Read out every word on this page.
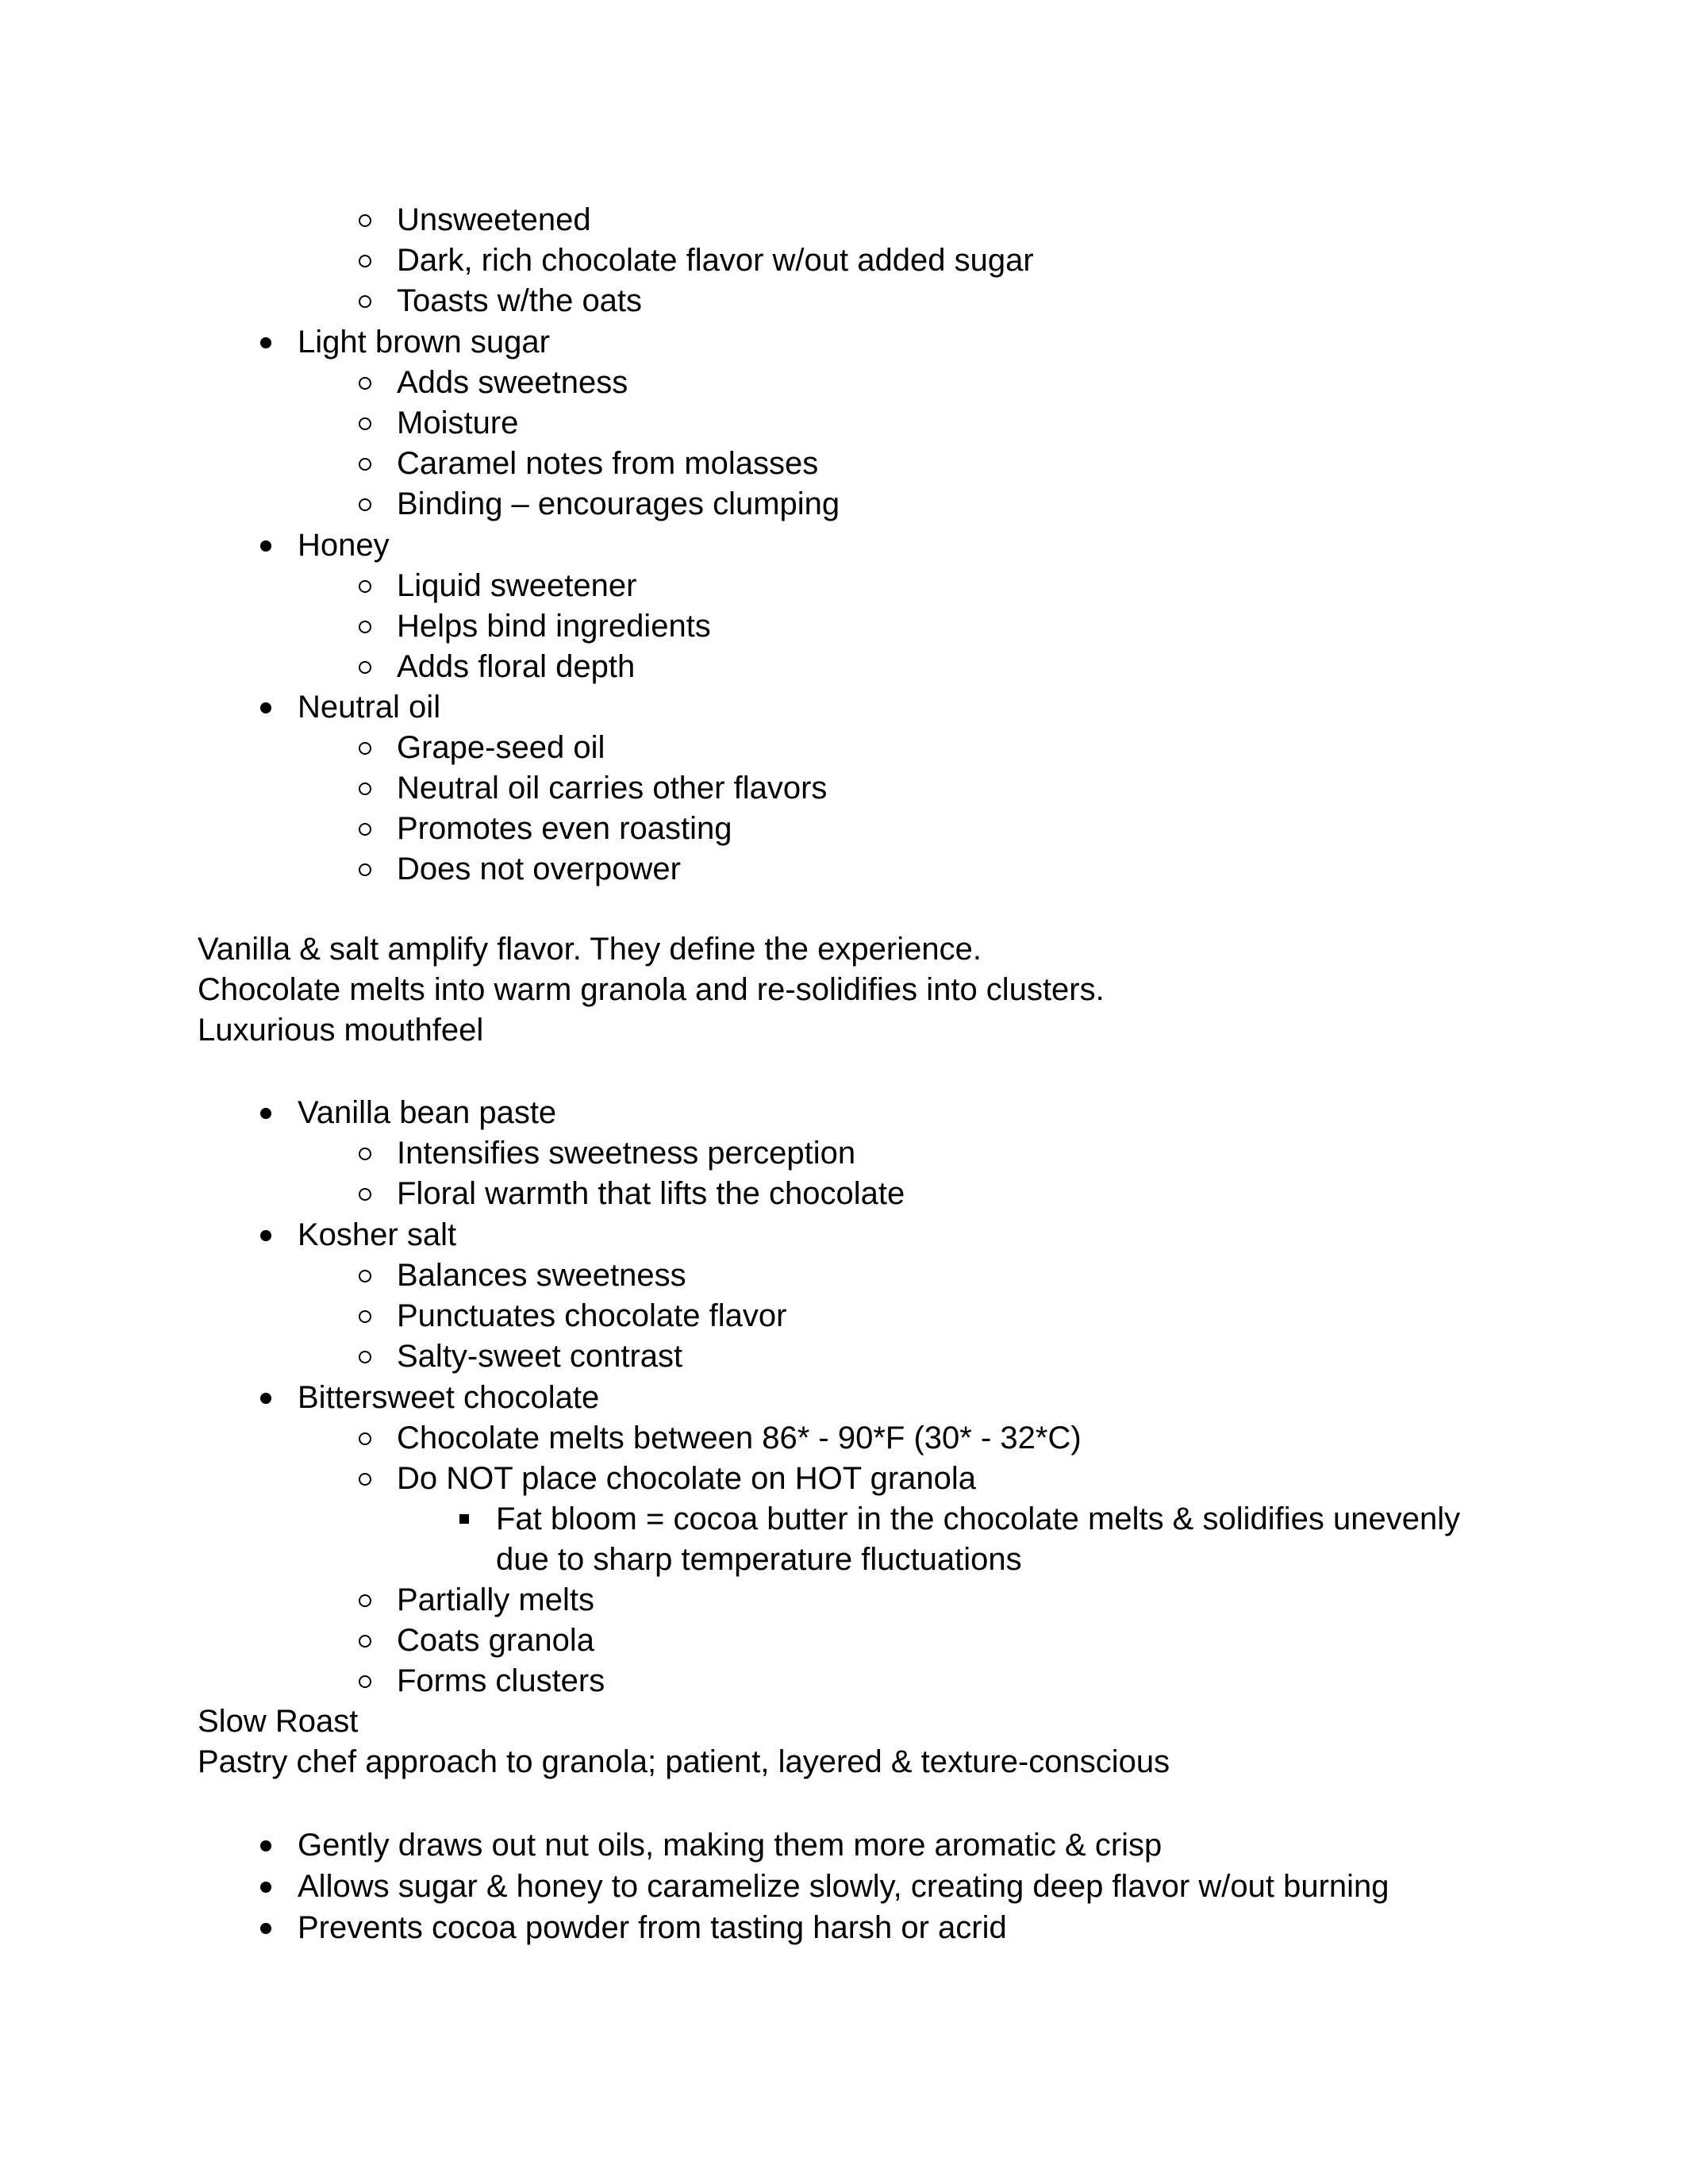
Unsweetened
Dark, rich chocolate flavor w/out added sugar
Toasts w/the oats
Light brown sugar
Adds sweetness
Moisture
Caramel notes from molasses
Binding – encourages clumping
Honey
Liquid sweetener
Helps bind ingredients
Adds floral depth
Neutral oil
Grape-seed oil
Neutral oil carries other flavors
Promotes even roasting
Does not overpower
Vanilla & salt amplify flavor. They define the experience.
Chocolate melts into warm granola and re-solidifies into clusters.
Luxurious mouthfeel
Vanilla bean paste
Intensifies sweetness perception
Floral warmth that lifts the chocolate
Kosher salt
Balances sweetness
Punctuates chocolate flavor
Salty-sweet contrast
Bittersweet chocolate
Chocolate melts between 86* - 90*F (30* - 32*C)
Do NOT place chocolate on HOT granola
Fat bloom = cocoa butter in the chocolate melts & solidifies unevenly
due to sharp temperature fluctuations
Partially melts
Coats granola
Forms clusters
Slow Roast
Pastry chef approach to granola; patient, layered & texture-conscious
Gently draws out nut oils, making them more aromatic & crisp
Allows sugar & honey to caramelize slowly, creating deep flavor w/out burning
Prevents cocoa powder from tasting harsh or acrid
